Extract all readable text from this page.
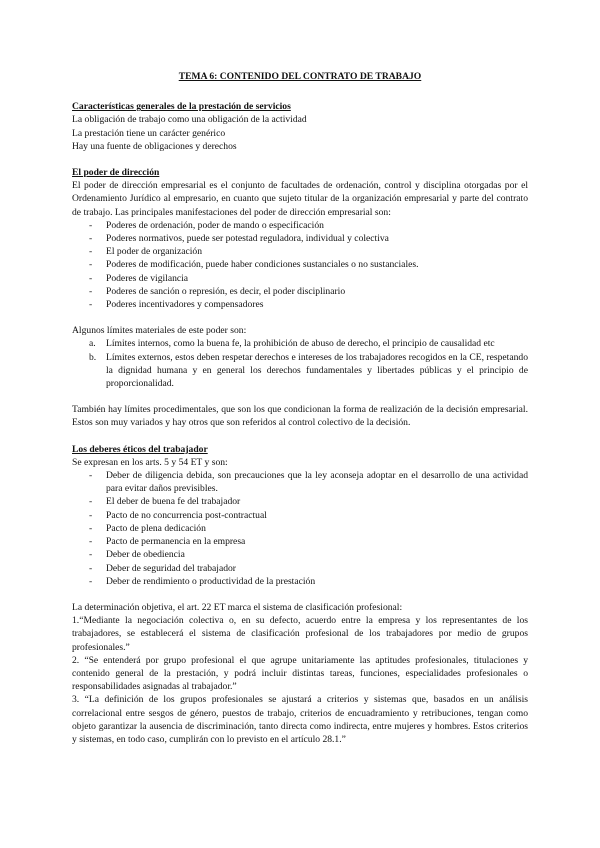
TEMA 6: CONTENIDO DEL CONTRATO DE TRABAJO

Características generales de la prestación de servicios

La obligación de trabajo como una obligación de la actividad

La prestación tiene un carácter genérico

Hay una fuente de obligaciones y derechos

El poder de dirección

El poder de dirección empresarial es el conjunto de facultades de ordenación, control y disciplina otorgadas por el Ordenamiento Jurídico al empresario, en cuanto que sujeto titular de la organización empresarial y parte del contrato de trabajo. Las principales manifestaciones del poder de dirección empresarial son:

- Poderes de ordenación, poder de mando o especificación
- Poderes normativos, puede ser potestad reguladora, individual y colectiva
- El poder de organización
- Poderes de modificación, puede haber condiciones sustanciales o no sustanciales.
- Poderes de vigilancia
- Poderes de sanción o represión, es decir, el poder disciplinario
- Poderes incentivadores y compensadores

Algunos límites materiales de este poder son:

a. Límites internos, como la buena fe, la prohibición de abuso de derecho, el principio de causalidad etc
b. Límites externos, estos deben respetar derechos e intereses de los trabajadores recogidos en la CE, respetando la dignidad humana y en general los derechos fundamentales y libertades públicas y el principio de proporcionalidad.

También hay límites procedimentales, que son los que condicionan la forma de realización de la decisión empresarial. Estos son muy variados y hay otros que son referidos al control colectivo de la decisión.

Los deberes éticos del trabajador

Se expresan en los arts. 5 y 54 ET y son:

- Deber de diligencia debida, son precauciones que la ley aconseja adoptar en el desarrollo de una actividad para evitar daños previsibles.
- El deber de buena fe del trabajador
- Pacto de no concurrencia post-contractual
- Pacto de plena dedicación
- Pacto de permanencia en la empresa
- Deber de obediencia
- Deber de seguridad del trabajador
- Deber de rendimiento o productividad de la prestación

La determinación objetiva, el art. 22 ET marca el sistema de clasificación profesional:

1.“Mediante la negociación colectiva o, en su defecto, acuerdo entre la empresa y los representantes de los trabajadores, se establecerá el sistema de clasificación profesional de los trabajadores por medio de grupos profesionales.”

2. “Se entenderá por grupo profesional el que agrupe unitariamente las aptitudes profesionales, titulaciones y contenido general de la prestación, y podrá incluir distintas tareas, funciones, especialidades profesionales o responsabilidades asignadas al trabajador.”

3. “La definición de los grupos profesionales se ajustará a criterios y sistemas que, basados en un análisis correlacional entre sesgos de género, puestos de trabajo, criterios de encuadramiento y retribuciones, tengan como objeto garantizar la ausencia de discriminación, tanto directa como indirecta, entre mujeres y hombres. Estos criterios y sistemas, en todo caso, cumplirán con lo previsto en el artículo 28.1.”
